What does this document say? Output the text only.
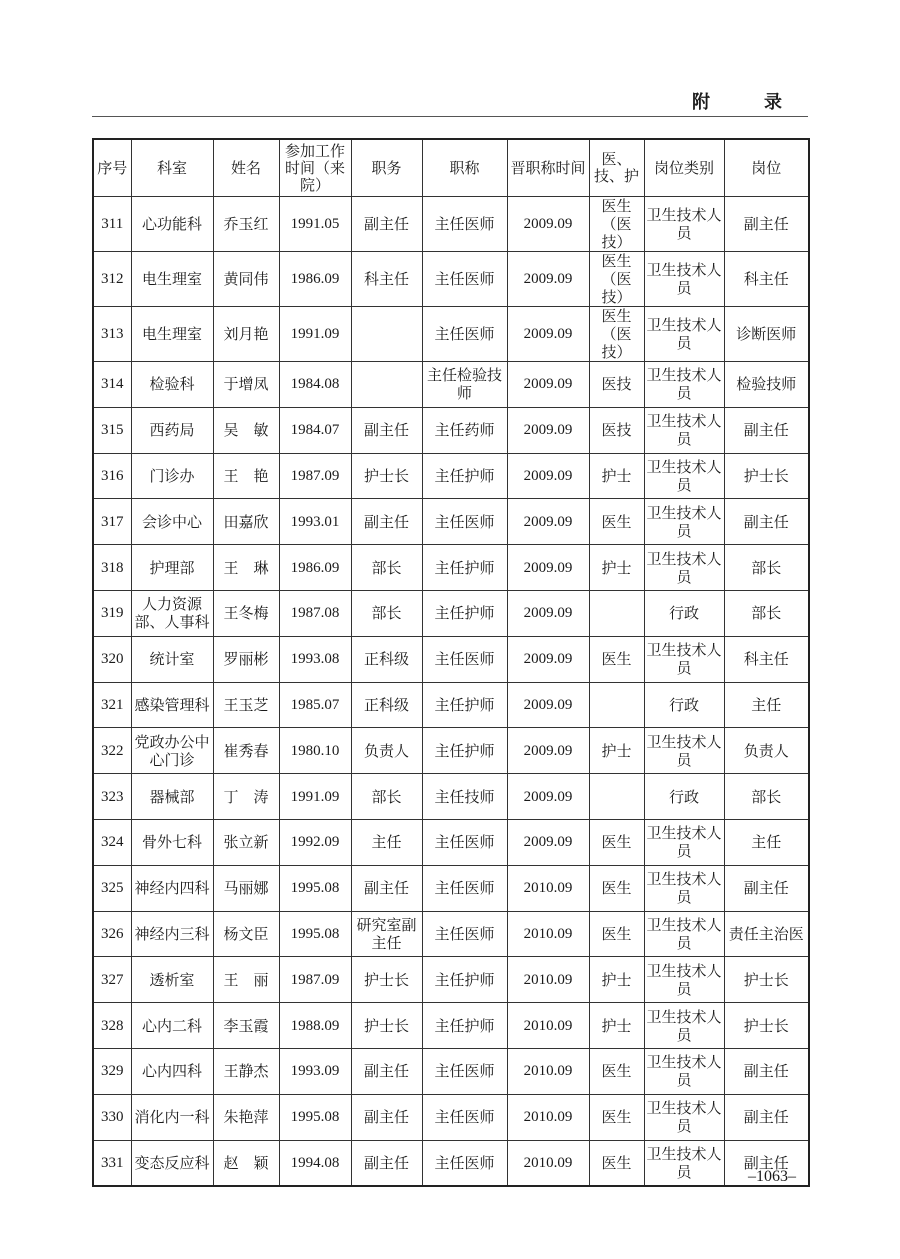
附　录
序号	科室	姓名	参加工作时间（来院）	职务	职称	晋职称时间	医、技、护	岗位类别	岗位
311	心功能科	乔玉红	1991.05	副主任	主任医师	2009.09	医生（医技）	卫生技术人员	副主任
312	电生理室	黄同伟	1986.09	科主任	主任医师	2009.09	医生（医技）	卫生技术人员	科主任
313	电生理室	刘月艳	1991.09		主任医师	2009.09	医生（医技）	卫生技术人员	诊断医师
314	检验科	于增凤	1984.08		主任检验技师	2009.09	医技	卫生技术人员	检验技师
315	西药局	吴　敏	1984.07	副主任	主任药师	2009.09	医技	卫生技术人员	副主任
316	门诊办	王　艳	1987.09	护士长	主任护师	2009.09	护士	卫生技术人员	护士长
317	会诊中心	田嘉欣	1993.01	副主任	主任医师	2009.09	医生	卫生技术人员	副主任
318	护理部	王　琳	1986.09	部长	主任护师	2009.09	护士	卫生技术人员	部长
319	人力资源部、人事科	王冬梅	1987.08	部长	主任护师	2009.09		行政	部长
320	统计室	罗丽彬	1993.08	正科级	主任医师	2009.09	医生	卫生技术人员	科主任
321	感染管理科	王玉芝	1985.07	正科级	主任护师	2009.09		行政	主任
322	党政办公中心门诊	崔秀春	1980.10	负责人	主任护师	2009.09	护士	卫生技术人员	负责人
323	器械部	丁　涛	1991.09	部长	主任技师	2009.09		行政	部长
324	骨外七科	张立新	1992.09	主任	主任医师	2009.09	医生	卫生技术人员	主任
325	神经内四科	马丽娜	1995.08	副主任	主任医师	2010.09	医生	卫生技术人员	副主任
326	神经内三科	杨文臣	1995.08	研究室副主任	主任医师	2010.09	医生	卫生技术人员	责任主治医
327	透析室	王　丽	1987.09	护士长	主任护师	2010.09	护士	卫生技术人员	护士长
328	心内二科	李玉霞	1988.09	护士长	主任护师	2010.09	护士	卫生技术人员	护士长
329	心内四科	王静杰	1993.09	副主任	主任医师	2010.09	医生	卫生技术人员	副主任
330	消化内一科	朱艳萍	1995.08	副主任	主任医师	2010.09	医生	卫生技术人员	副主任
331	变态反应科	赵　颖	1994.08	副主任	主任医师	2010.09	医生	卫生技术人员	副主任
–1063–
